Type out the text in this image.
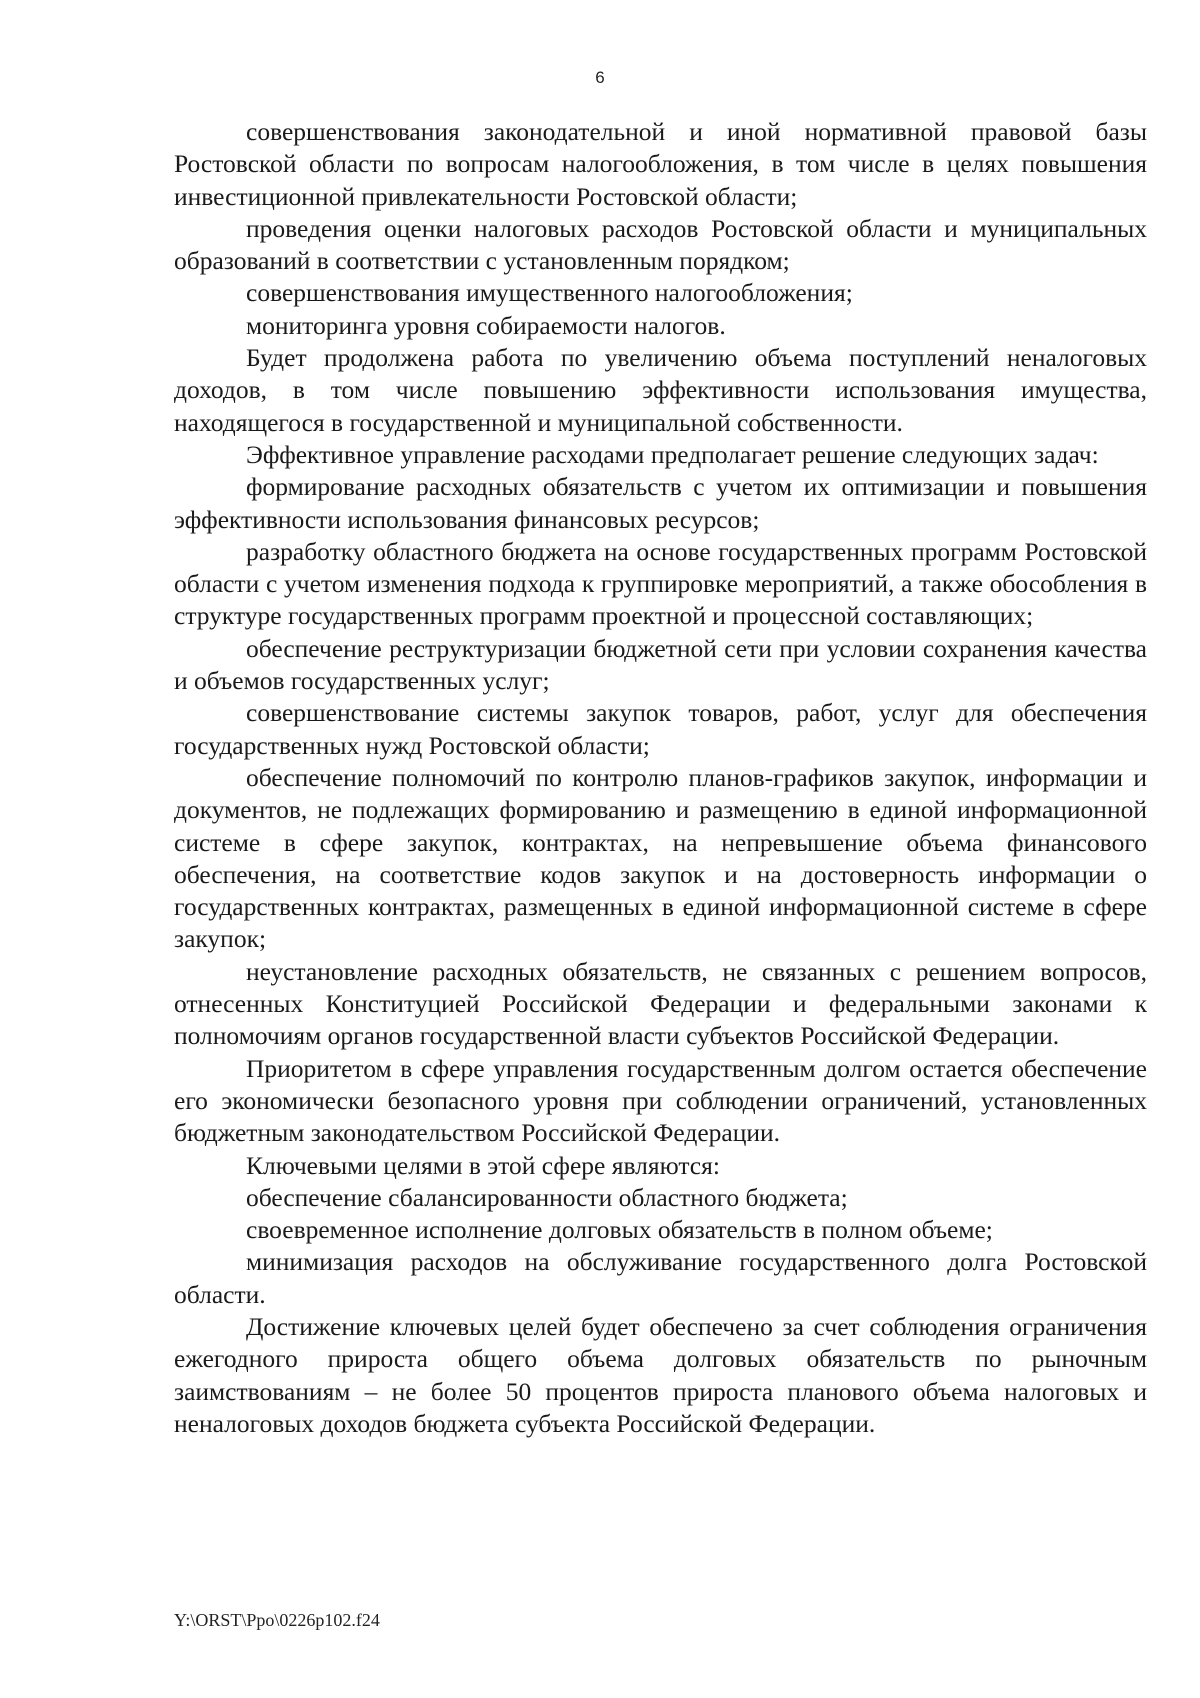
6

совершенствования законодательной и иной нормативной правовой базы Ростовской области по вопросам налогообложения, в том числе в целях повышения инвестиционной привлекательности Ростовской области;

проведения оценки налоговых расходов Ростовской области и муниципальных образований в соответствии с установленным порядком;

совершенствования имущественного налогообложения;

мониторинга уровня собираемости налогов.

Будет продолжена работа по увеличению объема поступлений неналоговых доходов, в том числе повышению эффективности использования имущества, находящегося в государственной и муниципальной собственности.

Эффективное управление расходами предполагает решение следующих задач:

формирование расходных обязательств с учетом их оптимизации и повышения эффективности использования финансовых ресурсов;

разработку областного бюджета на основе государственных программ Ростовской области с учетом изменения подхода к группировке мероприятий, а также обособления в структуре государственных программ проектной и процессной составляющих;

обеспечение реструктуризации бюджетной сети при условии сохранения качества и объемов государственных услуг;

совершенствование системы закупок товаров, работ, услуг для обеспечения государственных нужд Ростовской области;

обеспечение полномочий по контролю планов-графиков закупок, информации и документов, не подлежащих формированию и размещению в единой информационной системе в сфере закупок, контрактах, на непревышение объема финансового обеспечения, на соответствие кодов закупок и на достоверность информации о государственных контрактах, размещенных в единой информационной системе в сфере закупок;

неустановление расходных обязательств, не связанных с решением вопросов, отнесенных Конституцией Российской Федерации и федеральными законами к полномочиям органов государственной власти субъектов Российской Федерации.

Приоритетом в сфере управления государственным долгом остается обеспечение его экономически безопасного уровня при соблюдении ограничений, установленных бюджетным законодательством Российской Федерации.

Ключевыми целями в этой сфере являются:

обеспечение сбалансированности областного бюджета;

своевременное исполнение долговых обязательств в полном объеме;

минимизация расходов на обслуживание государственного долга Ростовской области.

Достижение ключевых целей будет обеспечено за счет соблюдения ограничения ежегодного прироста общего объема долговых обязательств по рыночным заимствованиям – не более 50 процентов прироста планового объема налоговых и неналоговых доходов бюджета субъекта Российской Федерации.

Y:\ORST\Ppo\0226p102.f24
